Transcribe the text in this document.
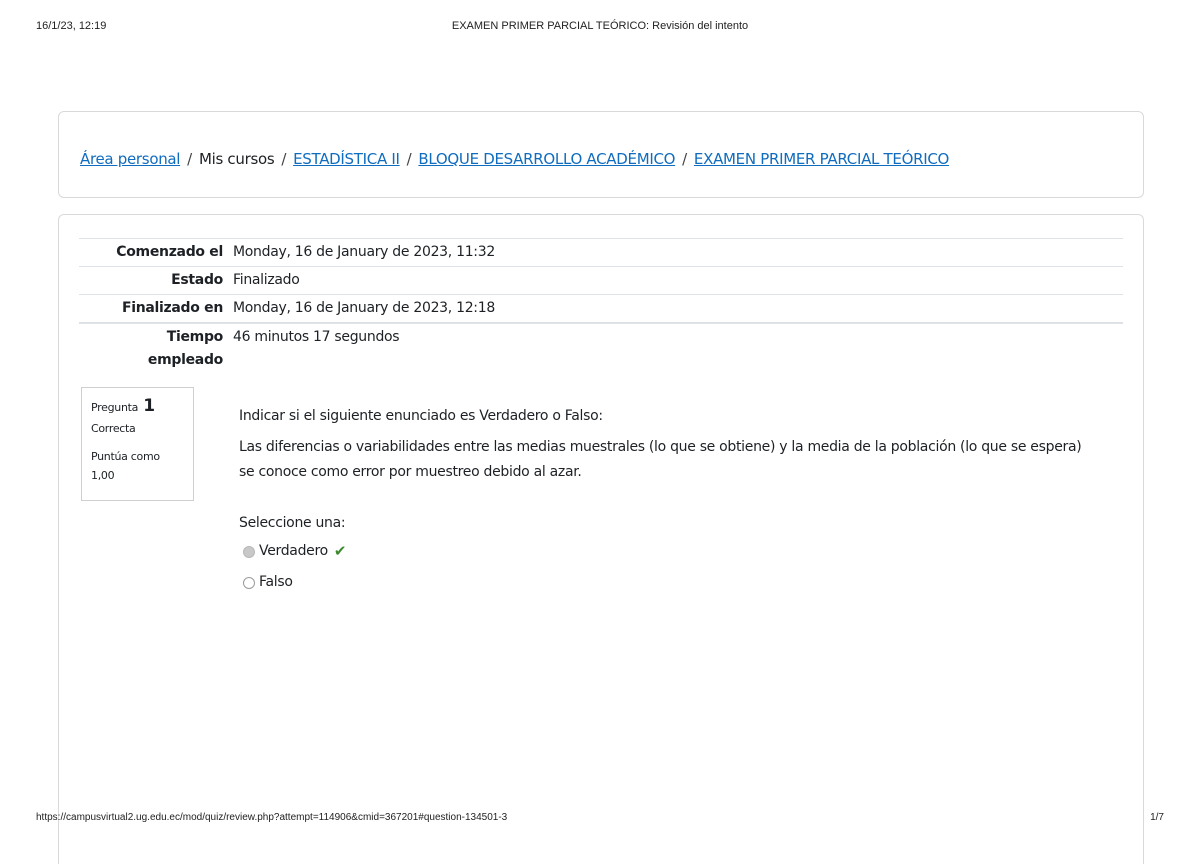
16/1/23, 12:19	EXAMEN PRIMER PARCIAL TEÓRICO: Revisión del intento
Área personal / Mis cursos / ESTADÍSTICA II / BLOQUE DESARROLLO ACADÉMICO / EXAMEN PRIMER PARCIAL TEÓRICO
Comenzado el Monday, 16 de January de 2023, 11:32
Estado Finalizado
Finalizado en Monday, 16 de January de 2023, 12:18
Tiempo
empleado
46 minutos 17 segundos
Pregunta 1
Correcta
Puntúa como
1,00

Indicar si el siguiente enunciado es Verdadero o Falso:

Las diferencias o variabilidades entre las medias muestrales (lo que se obtiene) y la media de la población (lo que se espera) se conoce como error por muestreo debido al azar.

Seleccione una:
Verdadero ✔
Falso
https://campusvirtual2.ug.edu.ec/mod/quiz/review.php?attempt=114906&cmid=367201#question-134501-3	1/7
